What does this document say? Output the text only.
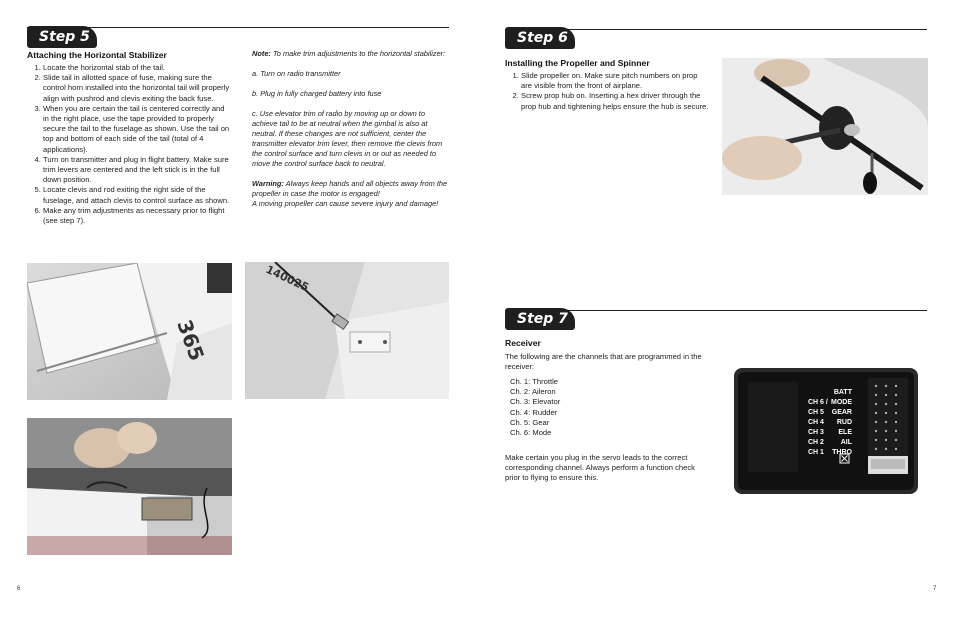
Step 5
Attaching the Horizontal Stabilizer
1. Locate the horizontal stab of the tail.
2. Slide tail in allotted space of fuse, making sure the control horn installed into the horizontal tail will properly align with pushrod and clevis exiting the back fuse.
3. When you are certain the tail is centered correctly and in the right place, use the tape provided to properly secure the tail to the fuselage as shown. Use the tail on top and bottom of each side of the tail (total of 4 applications).
4. Turn on transmitter and plug in flight battery. Make sure trim levers are centered and the left stick is in the full down position.
5. Locate clevis and rod exiting the right side of the fuselage, and attach clevis to control surface as shown.
6. Make any trim adjustments as necessary prior to flight (see step 7).

Note: To make trim adjustments to the horizontal stabilizer:

a. Turn on radio transmitter

b. Plug in fully charged battery into fuse

c. Use elevator trim of radio by moving up or down to achieve tail to be at neutral when the gimbal is also at neutral. If these changes are not sufficient, center the transmitter elevator trim lever, then remove the clevis from the control surface and turn clevis in or out as needed to move the control surface back to neutral.

Warning: Always keep hands and all objects away from the propeller in case the motor is engaged!
A moving propeller can cause severe injury and damage!

365
140025
6
Step 6
Installing the Propeller and Spinner
1. Slide propeller on. Make sure pitch numbers on prop are visible from the front of airplane.
2. Screw prop hub on. Inserting a hex driver through the prop hub and tightening helps ensure the hub is secure.
Step 7
Receiver
The following are the channels that are programmed in the receiver:
Ch. 1: Throttle
Ch. 2: Aileron
Ch. 3: Elevator
Ch. 4: Rudder
Ch. 5: Gear
Ch. 6: Mode
Make certain you plug in the servo leads to the correct corresponding channel. Always perform a function check prior to flying to ensure this.
BATT
CH 6 / MODE
CH 5 GEAR
CH 4 RUD
CH 3 ELE
CH 2 AIL
CH 1 THRO
7
